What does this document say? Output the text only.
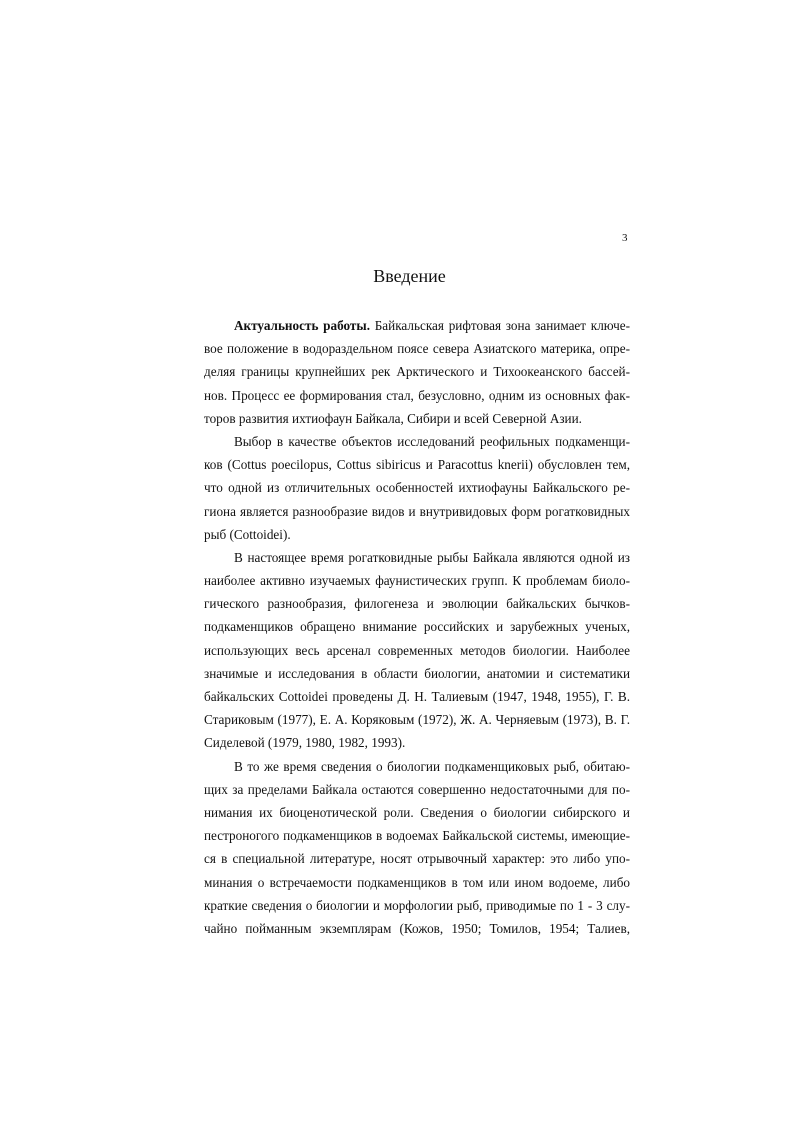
3
Введение
Актуальность работы. Байкальская рифтовая зона занимает ключе-
вое положение в водораздельном поясе севера Азиатского материка, опре-
деляя границы крупнейших рек Арктического и Тихоокеанского бассей-
нов. Процесс ее формирования стал, безусловно, одним из основных фак-
торов развития ихтиофаун Байкала, Сибири и всей Северной Азии.
Выбор в качестве объектов исследований реофильных подкаменщи-
ков (Cottus poecilopus, Cottus sibiricus и Paracottus knerii) обусловлен тем,
что одной из отличительных особенностей ихтиофауны Байкальского ре-
гиона является разнообразие видов и внутривидовых форм рогатковидных
рыб (Cottoidei).
В настоящее время рогатковидные рыбы Байкала являются одной из
наиболее активно изучаемых фаунистических групп. К проблемам биоло-
гического разнообразия, филогенеза и эволюции байкальских бычков-
подкаменщиков обращено внимание российских и зарубежных ученых,
использующих весь арсенал современных методов биологии. Наиболее
значимые и исследования в области биологии, анатомии и систематики
байкальских Cottoidei проведены Д. Н. Талиевым (1947, 1948, 1955), Г. В.
Стариковым (1977), Е. А. Коряковым (1972), Ж. А. Черняевым (1973), В. Г.
Сиделевой (1979, 1980, 1982, 1993).
В то же время сведения о биологии подкаменщиковых рыб, обитаю-
щих за пределами Байкала остаются совершенно недостаточными для по-
нимания их биоценотической роли. Сведения о биологии сибирского и
пестроногого подкаменщиков в водоемах Байкальской системы, имеющие-
ся в специальной литературе, носят отрывочный характер: это либо упо-
минания о встречаемости подкаменщиков в том или ином водоеме, либо
краткие сведения о биологии и морфологии рыб, приводимые по 1 - 3 слу-
чайно пойманным экземплярам (Кожов, 1950; Томилов, 1954; Талиев,
